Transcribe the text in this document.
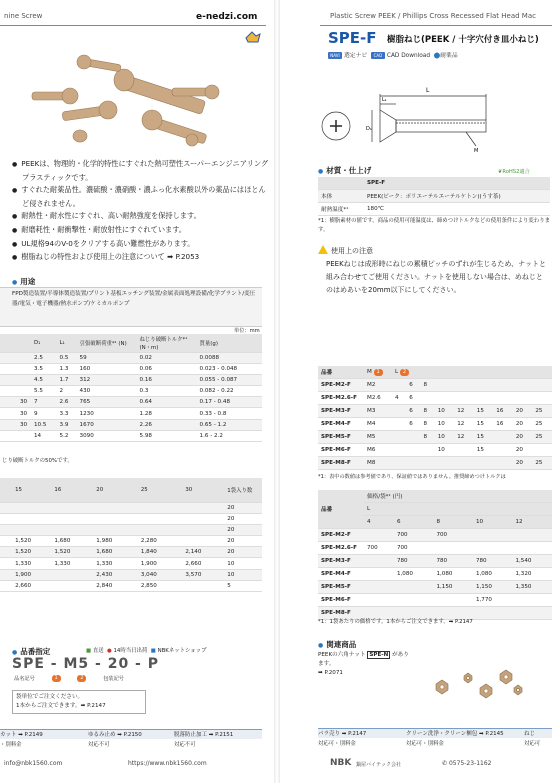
nine Screw	e-nedzi.com
● PEEKは、物理的・化学的特性にすぐれた熱可塑性スーパーエンジニアリングプラスティックです。
● すぐれた耐薬品性。濃硫酸・濃硝酸・濃ふっ化水素酸以外の薬品にはほとんど侵されません。
● 耐熱性・耐水性にすぐれ、高い耐熱強度を保持します。
● 耐磨耗性・耐衝撃性・耐放射性にすぐれています。
● UL規格94のV-0をクリアする高い難燃性があります。
● 樹脂ねじの特性および使用上の注意について ➡ P.2053
● 用途
FPD製造装置/半導体製造装置/プリント基板エッチング装置/金属表面処理設備/化学プラント/変圧器/電気・電子機器/熱水ポンプ/ケミカルポンプ
単位：mm
		D₁	L₁	引張破断荷重*¹ (N)	ねじり破断トルク*¹ (N・m)	質量(g)
		2.5	0.5	59	0.02	0.0088
		3.5	1.3	160	0.06	0.023 - 0.048
		4.5	1.7	312	0.16	0.055 - 0.087
		5.5	2	430	0.3	0.082 - 0.22
	30	7	2.6	765	0.64	0.17 - 0.48
	30	9	3.3	1230	1.28	0.33 - 0.8
	30	10.5	3.9	1670	2.26	0.65 - 1.2
		14	5.2	3090	5.98	1.6 - 2.2
じり破断トルクの50%です。
	15	16	20	25	30	1袋入り数
						20
						20
						20
	1,520	1,680	1,980	2,280		20
	1,520	1,520	1,680	1,840	2,140	20
	1,330	1,330	1,330	1,900	2,660	10
	1,900		2,430	3,040	3,570	10
	2,660		2,840	2,850		5
● 品番指定	■ 直送 ● 14時当日出荷 ■ NBKネットショップ
SPE - M5 - 20 - P
品名記号	1	2	包装記号
袋単位でご注文ください。
1本からご注文できます。➡ P.2147
カット ➡ P.2149	ゆるみ止め ➡ P.2150	脱落防止加工 ➡ P.2151
・別料金	対応不可	対応不可
info@nbk1560.com	https://www.nbk1560.com
Plastic Screw PEEK / Phillips Cross Recessed Flat Head Mac
SPE-F 樹脂ねじ(PEEK / 十字穴付き皿小ねじ)
NAVI 選定ナビ CAD CAD Download ⬤耐薬品
L
L₁
D₁
M
● 材質・仕上げ	❦RoHS2適合
	SPE-F
本体	PEEK(ピーク：ポリエーテルエーテルケトン)(うす茶)
耐熱温度*¹	180℃
*1：樹脂素材の値です。商品の使用可能温度は、締めつけトルクなどの使用条件により変わります。
使用上の注意
PEEKねじは成形時にねじの累積ピッチのずれが生じるため、ナットと組み合わせてご使用ください。ナットを使用しない場合は、めねじとのはめあいを20mm以下にしてください。
品番	M 1	L 2								
SPE-M2-F	M2		6	8						
SPE-M2.6-F	M2.6	4	6							
SPE-M3-F	M3		6	8	10	12	15	16	20	25
SPE-M4-F	M4		6	8	10	12	15	16	20	25
SPE-M5-F	M5			8	10	12	15		20	25
SPE-M6-F	M6				10		15		20	
SPE-M8-F	M8								20	25
*1：表中の数値は参考値であり、保証値ではありません。推奨締めつけトルクは
品番	価格/袋*¹ (円)				
	L				
	4	6	8	10	12
SPE-M2-F		700	700		
SPE-M2.6-F	700	700			
SPE-M3-F		780	780	780	1,540
SPE-M4-F		1,080	1,080	1,080	1,320
SPE-M5-F			1,150	1,150	1,350
SPE-M6-F				1,770	
SPE-M8-F					
*1：1袋あたりの価格です。1本からご注文できます。➡ P.2147
● 関連商品
PEEKの六角ナット SPE-N があります。
➡ P.2071
パラ売り ➡ P.2147	クリーン洗浄・クリーン梱包 ➡ P.2145	ねじ
対応可・別料金	対応可・別料金	対応可
NBK 鍋屋バイテック会社	✆ 0575-23-1162
